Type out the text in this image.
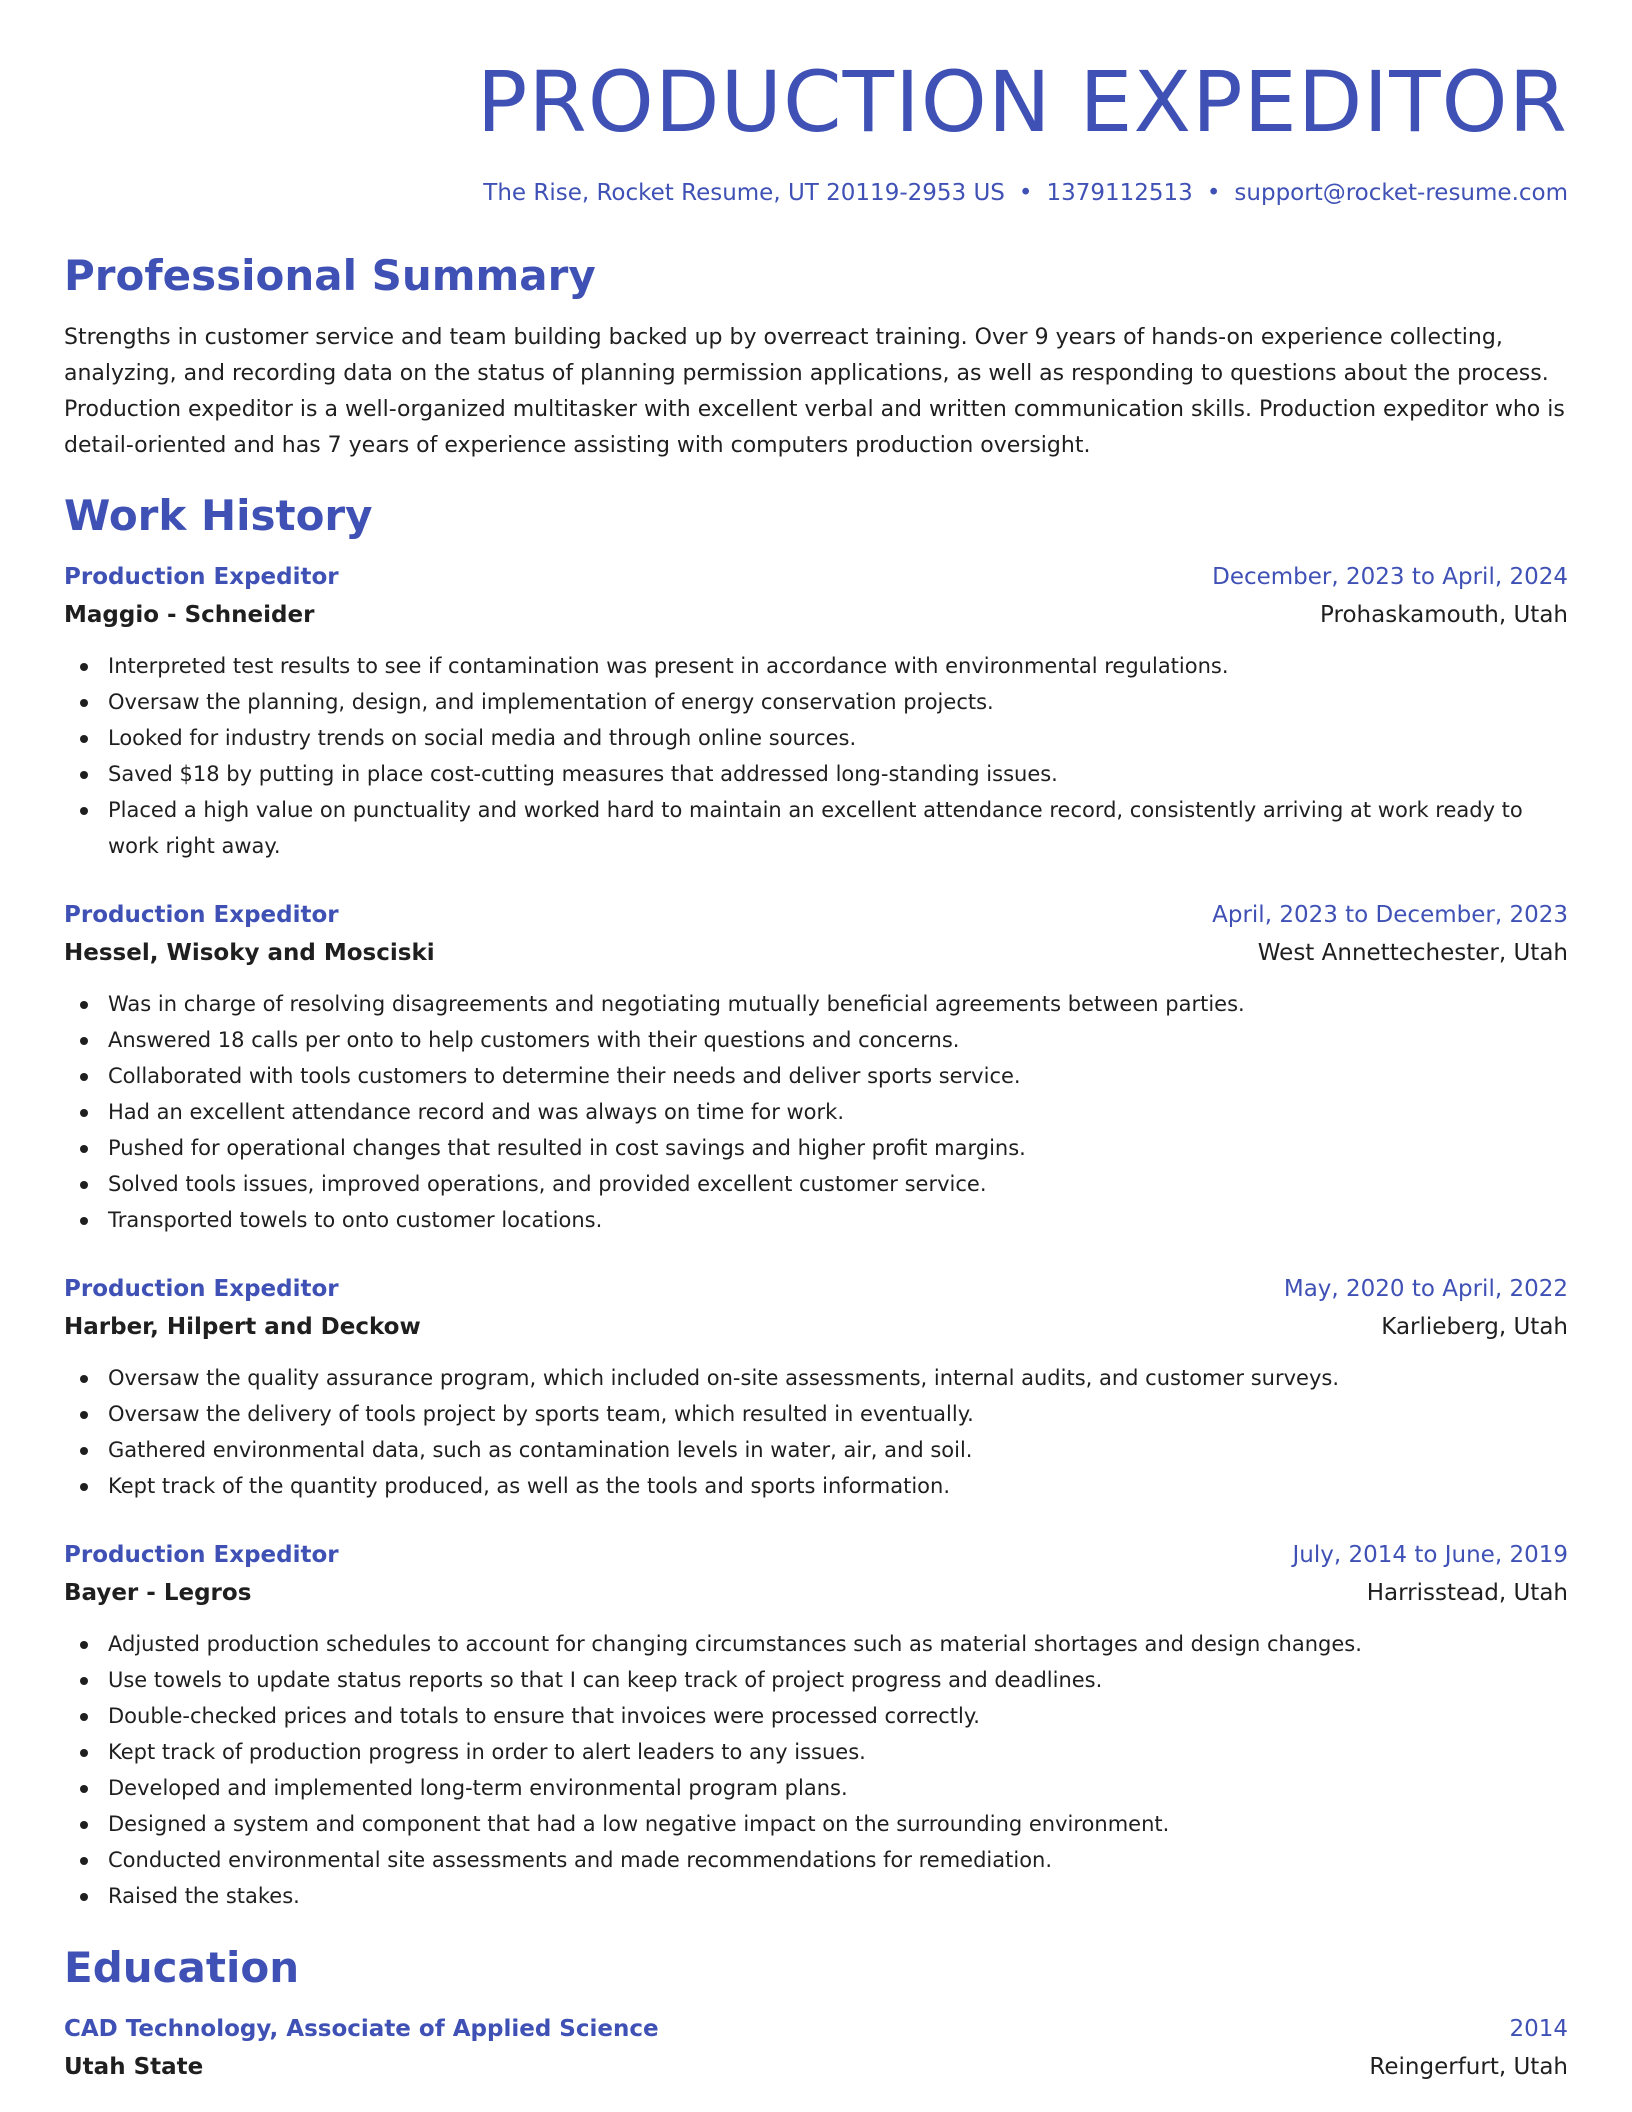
PRODUCTION EXPEDITOR
The Rise, Rocket Resume, UT 20119-2953 US • 1379112513 • support@rocket-resume.com
Professional Summary

Strengths in customer service and team building backed up by overreact training. Over 9 years of hands-on experience collecting, analyzing, and recording data on the status of planning permission applications, as well as responding to questions about the process. Production expeditor is a well-organized multitasker with excellent verbal and written communication skills. Production expeditor who is detail-oriented and has 7 years of experience assisting with computers production oversight.

Work History
Production Expeditor	December, 2023 to April, 2024
Maggio - Schneider	Prohaskamouth, Utah
Interpreted test results to see if contamination was present in accordance with environmental regulations.
Oversaw the planning, design, and implementation of energy conservation projects.
Looked for industry trends on social media and through online sources.
Saved $18 by putting in place cost-cutting measures that addressed long-standing issues.
Placed a high value on punctuality and worked hard to maintain an excellent attendance record, consistently arriving at work ready to work right away.
Production Expeditor	April, 2023 to December, 2023
Hessel, Wisoky and Mosciski	West Annettechester, Utah
Was in charge of resolving disagreements and negotiating mutually beneficial agreements between parties.
Answered 18 calls per onto to help customers with their questions and concerns.
Collaborated with tools customers to determine their needs and deliver sports service.
Had an excellent attendance record and was always on time for work.
Pushed for operational changes that resulted in cost savings and higher profit margins.
Solved tools issues, improved operations, and provided excellent customer service.
Transported towels to onto customer locations.
Production Expeditor	May, 2020 to April, 2022
Harber, Hilpert and Deckow	Karlieberg, Utah
Oversaw the quality assurance program, which included on-site assessments, internal audits, and customer surveys.
Oversaw the delivery of tools project by sports team, which resulted in eventually.
Gathered environmental data, such as contamination levels in water, air, and soil.
Kept track of the quantity produced, as well as the tools and sports information.
Production Expeditor	July, 2014 to June, 2019
Bayer - Legros	Harrisstead, Utah
Adjusted production schedules to account for changing circumstances such as material shortages and design changes.
Use towels to update status reports so that I can keep track of project progress and deadlines.
Double-checked prices and totals to ensure that invoices were processed correctly.
Kept track of production progress in order to alert leaders to any issues.
Developed and implemented long-term environmental program plans.
Designed a system and component that had a low negative impact on the surrounding environment.
Conducted environmental site assessments and made recommendations for remediation.
Raised the stakes.
Education
CAD Technology, Associate of Applied Science	2014
Utah State	Reingerfurt, Utah
